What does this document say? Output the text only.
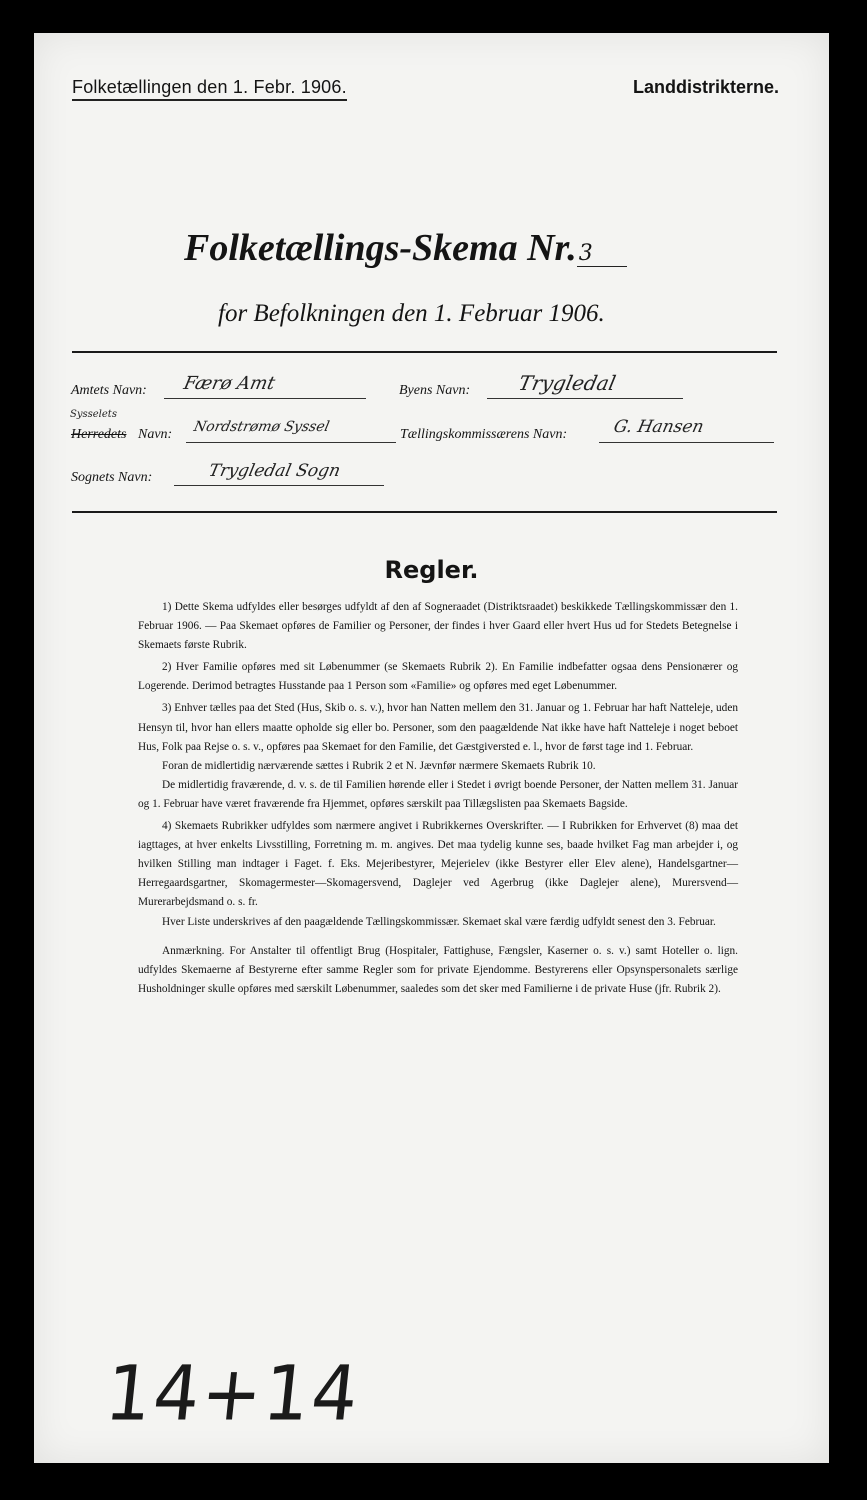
Folketællingen den 1. Febr. 1906.	Landdistrikterne.
Folketællings-Skema Nr.3
for Befolkningen den 1. Februar 1906.
Amtets Navn: Færø Amt	Byens Navn: Trygledal
Sysselets
Herredets Navn: Nordstrømø Syssel	Tællingskommissærens Navn:	G. Hansen
Sognets Navn:	Trygledal Sogn
Regler.

1) Dette Skema udfyldes eller besørges udfyldt af den af Sogneraadet (Distriktsraadet) beskikkede Tællingskommissær den 1. Februar 1906. — Paa Skemaet opføres de Familier og Personer, der findes i hver Gaard eller hvert Hus ud for Stedets Betegnelse i Skemaets første Rubrik.

2) Hver Familie opføres med sit Løbenummer (se Skemaets Rubrik 2). En Familie indbefatter ogsaa dens Pensionærer og Logerende. Derimod betragtes Husstande paa 1 Person som «Familie» og opføres med eget Løbenummer.

3) Enhver tælles paa det Sted (Hus, Skib o. s. v.), hvor han Natten mellem den 31. Januar og 1. Februar har haft Natteleje, uden Hensyn til, hvor han ellers maatte opholde sig eller bo. Personer, som den paagældende Nat ikke have haft Natteleje i noget beboet Hus, Folk paa Rejse o. s. v., opføres paa Skemaet for den Familie, det Gæstgiversted e. l., hvor de først tage ind 1. Februar.

Foran de midlertidig nærværende sættes i Rubrik 2 et N. Jævnfør nærmere Skemaets Rubrik 10.

De midlertidig fraværende, d. v. s. de til Familien hørende eller i Stedet i øvrigt boende Personer, der Natten mellem 31. Januar og 1. Februar have været fraværende fra Hjemmet, opføres særskilt paa Tillægslisten paa Skemaets Bagside.

4) Skemaets Rubrikker udfyldes som nærmere angivet i Rubrikkernes Overskrifter. — I Rubrikken for Erhvervet (8) maa det iagttages, at hver enkelts Livsstilling, Forretning m. m. angives. Det maa tydelig kunne ses, baade hvilket Fag man arbejder i, og hvilken Stilling man indtager i Faget. f. Eks. Mejeribestyrer, Mejerielev (ikke Bestyrer eller Elev alene), Handelsgartner—Herregaardsgartner, Skomagermester—Skomagersvend, Daglejer ved Agerbrug (ikke Daglejer alene), Murersvend—Murerarbejdsmand o. s. fr.

Hver Liste underskrives af den paagældende Tællingskommissær. Skemaet skal være færdig udfyldt senest den 3. Februar.

Anmærkning. For Anstalter til offentligt Brug (Hospitaler, Fattighuse, Fængsler, Kaserner o. s. v.) samt Hoteller o. lign. udfyldes Skemaerne af Bestyrerne efter samme Regler som for private Ejendomme. Bestyrerens eller Opsynspersonalets særlige Husholdninger skulle opføres med særskilt Løbenummer, saaledes som det sker med Familierne i de private Huse (jfr. Rubrik 2).

14+14
